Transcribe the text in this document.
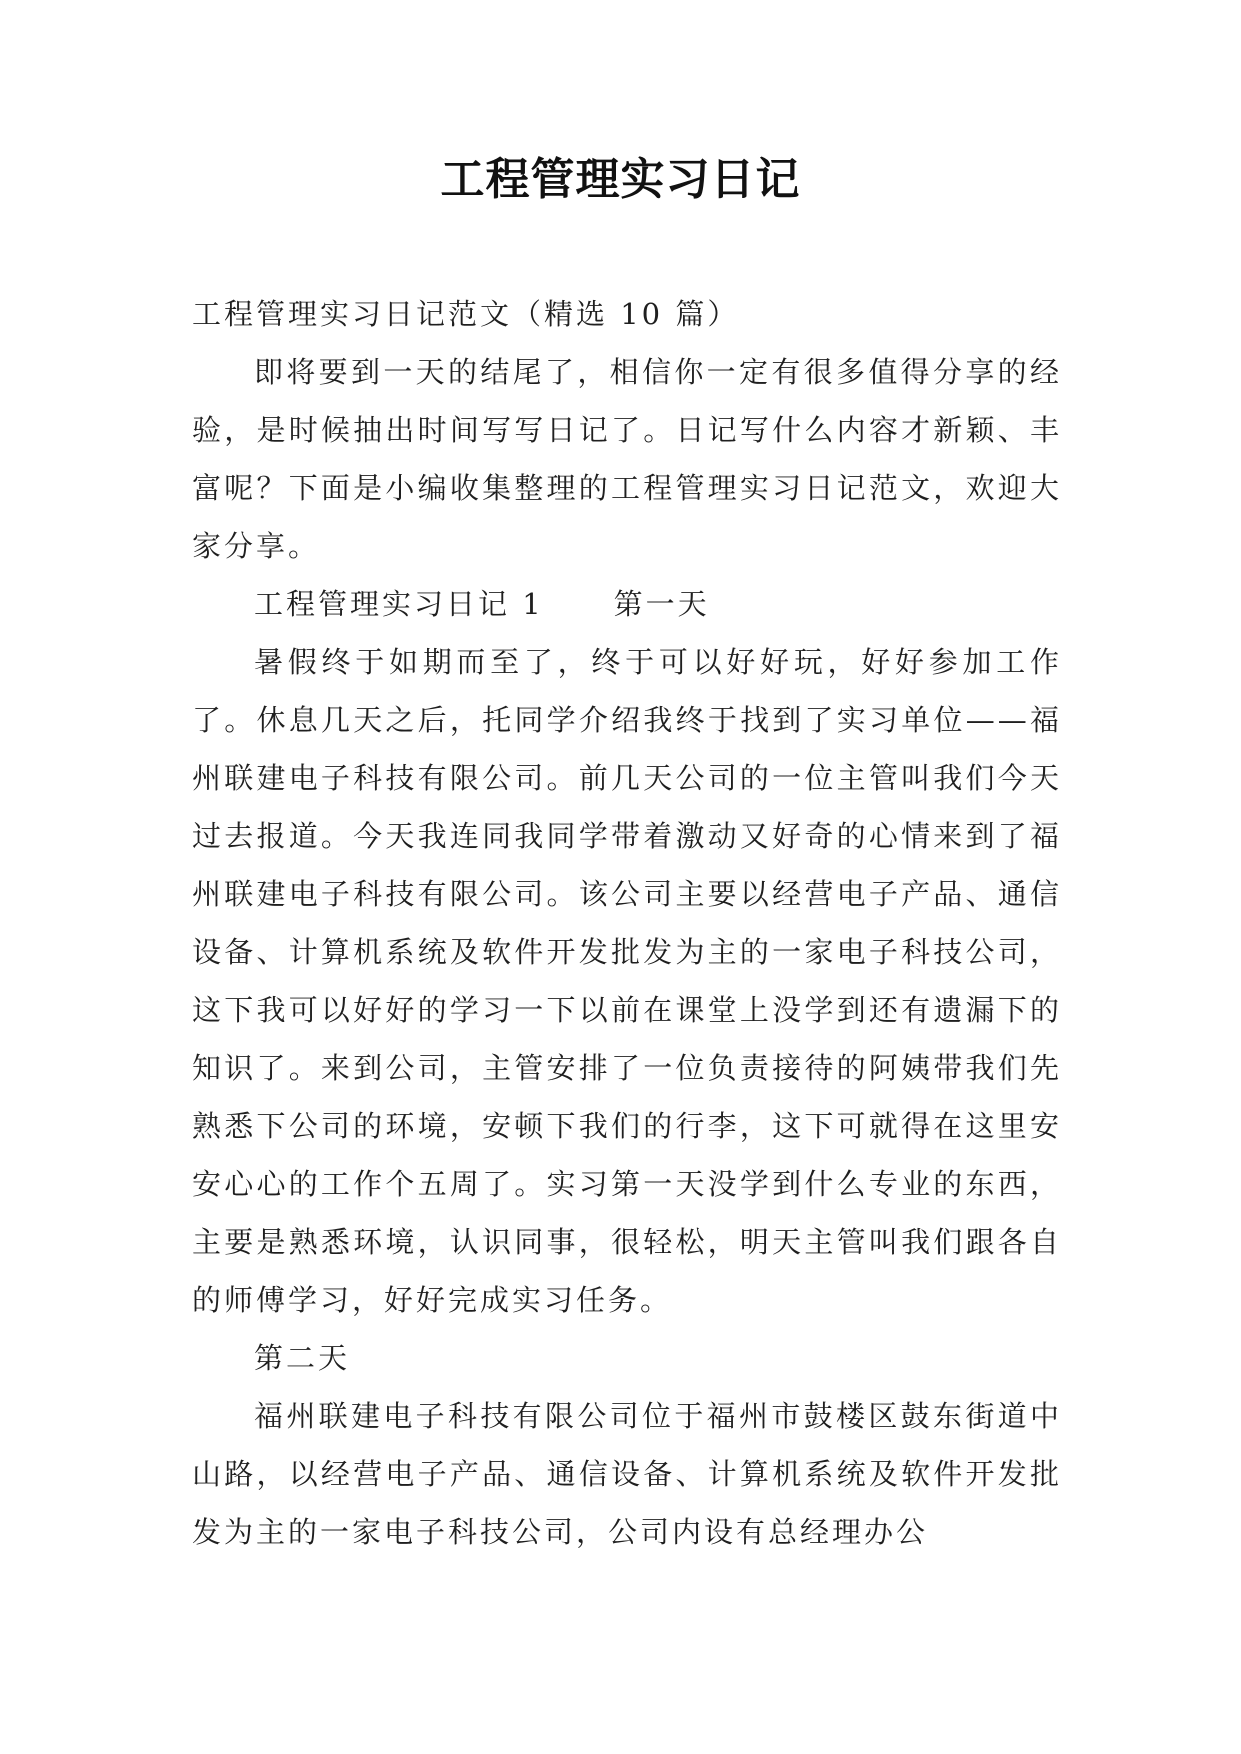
工程管理实习日记

工程管理实习日记范文（精选 10 篇）

即将要到一天的结尾了，相信你一定有很多值得分享的经验，是时候抽出时间写写日记了。日记写什么内容才新颖、丰富呢？下面是小编收集整理的工程管理实习日记范文，欢迎大家分享。

工程管理实习日记 1 第一天

暑假终于如期而至了，终于可以好好玩，好好参加工作了。休息几天之后，托同学介绍我终于找到了实习单位——福州联建电子科技有限公司。前几天公司的一位主管叫我们今天过去报道。今天我连同我同学带着激动又好奇的心情来到了福州联建电子科技有限公司。该公司主要以经营电子产品、通信设备、计算机系统及软件开发批发为主的一家电子科技公司，这下我可以好好的学习一下以前在课堂上没学到还有遗漏下的知识了。来到公司，主管安排了一位负责接待的阿姨带我们先熟悉下公司的环境，安顿下我们的行李，这下可就得在这里安安心心的工作个五周了。实习第一天没学到什么专业的东西，主要是熟悉环境，认识同事，很轻松，明天主管叫我们跟各自的师傅学习，好好完成实习任务。

第二天

福州联建电子科技有限公司位于福州市鼓楼区鼓东街道中山路，以经营电子产品、通信设备、计算机系统及软件开发批发为主的一家电子科技公司，公司内设有总经理办公
